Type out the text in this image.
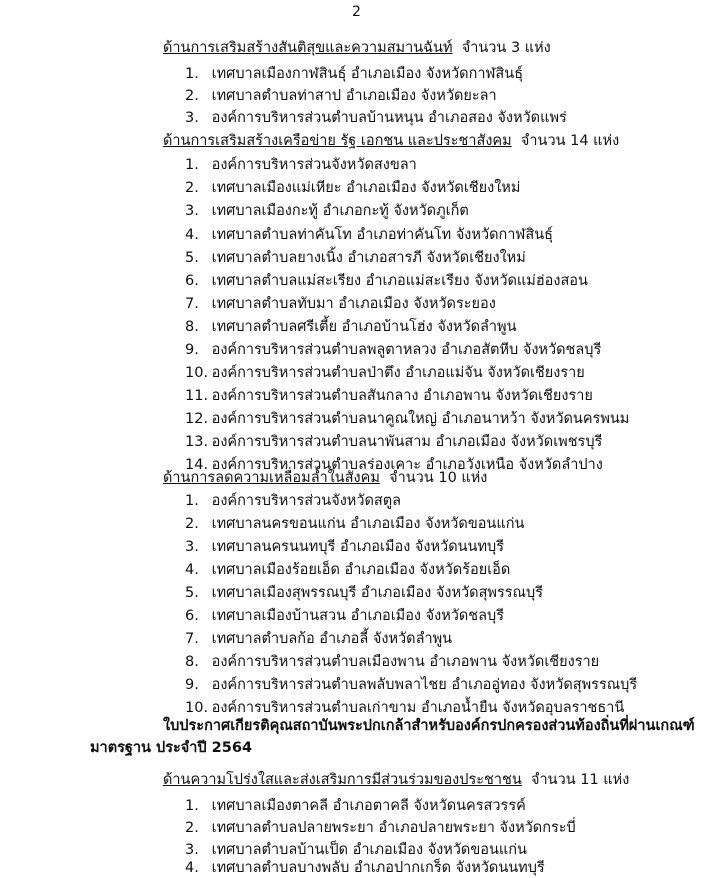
2
ด้านการเสริมสร้างสันติสุขและความสมานฉันท์ จำนวน 3 แห่ง
1. เทศบาลเมืองกาฬสินธุ์ อำเภอเมือง จังหวัดกาฬสินธุ์
2. เทศบาลตำบลท่าสาป อำเภอเมือง จังหวัดยะลา
3. องค์การบริหารส่วนตำบลบ้านหนุน อำเภอสอง จังหวัดแพร่
ด้านการเสริมสร้างเครือข่าย รัฐ เอกชน และประชาสังคม จำนวน 14 แห่ง
1. องค์การบริหารส่วนจังหวัดสงขลา
2. เทศบาลเมืองแม่เหียะ อำเภอเมือง จังหวัดเชียงใหม่
3. เทศบาลเมืองกะทู้ อำเภอกะทู้ จังหวัดภูเก็ต
4. เทศบาลตำบลท่าคันโท อำเภอท่าคันโท จังหวัดกาฬสินธุ์
5. เทศบาลตำบลยางเนิ้ง อำเภอสารภี จังหวัดเชียงใหม่
6. เทศบาลตำบลแม่สะเรียง อำเภอแม่สะเรียง จังหวัดแม่ฮ่องสอน
7. เทศบาลตำบลทับมา อำเภอเมือง จังหวัดระยอง
8. เทศบาลตำบลศรีเตี้ย อำเภอบ้านโฮ่ง จังหวัดลำพูน
9. องค์การบริหารส่วนตำบลพลูตาหลวง อำเภอสัตหีบ จังหวัดชลบุรี
10. องค์การบริหารส่วนตำบลป่าตึง อำเภอแม่จัน จังหวัดเชียงราย
11. องค์การบริหารส่วนตำบลสันกลาง อำเภอพาน จังหวัดเชียงราย
12. องค์การบริหารส่วนตำบลนาคูณใหญ่ อำเภอนาหว้า จังหวัดนครพนม
13. องค์การบริหารส่วนตำบลนาพันสาม อำเภอเมือง จังหวัดเพชรบุรี
14. องค์การบริหารส่วนตำบลร่องเคาะ อำเภอวังเหนือ จังหวัดลำปาง
ด้านการลดความเหลื่อมล้ำในสังคม จำนวน 10 แห่ง
1. องค์การบริหารส่วนจังหวัดสตูล
2. เทศบาลนครขอนแก่น อำเภอเมือง จังหวัดขอนแก่น
3. เทศบาลนครนนทบุรี อำเภอเมือง จังหวัดนนทบุรี
4. เทศบาลเมืองร้อยเอ็ด อำเภอเมือง จังหวัดร้อยเอ็ด
5. เทศบาลเมืองสุพรรณบุรี อำเภอเมือง จังหวัดสุพรรณบุรี
6. เทศบาลเมืองบ้านสวน อำเภอเมือง จังหวัดชลบุรี
7. เทศบาลตำบลก้อ อำเภอลี้ จังหวัดลำพูน
8. องค์การบริหารส่วนตำบลเมืองพาน อำเภอพาน จังหวัดเชียงราย
9. องค์การบริหารส่วนตำบลพลับพลาไชย อำเภออู่ทอง จังหวัดสุพรรณบุรี
10. องค์การบริหารส่วนตำบลเก่าขาม อำเภอน้ำยืน จังหวัดอุบลราชธานี
ใบประกาศเกียรติคุณสถาบันพระปกเกล้าสำหรับองค์กรปกครองส่วนท้องถิ่นที่ผ่านเกณฑ์
มาตรฐาน ประจำปี 2564
ด้านความโปร่งใสและส่งเสริมการมีส่วนร่วมของประชาชน จำนวน 11 แห่ง
1. เทศบาลเมืองตาคลี อำเภอตาคลี จังหวัดนครสวรรค์
2. เทศบาลตำบลปลายพระยา อำเภอปลายพระยา จังหวัดกระบี่
3. เทศบาลตำบลบ้านเป็ด อำเภอเมือง จังหวัดขอนแก่น
4. เทศบาลตำบลบางพลับ อำเภอปากเกร็ด จังหวัดนนทบุรี
